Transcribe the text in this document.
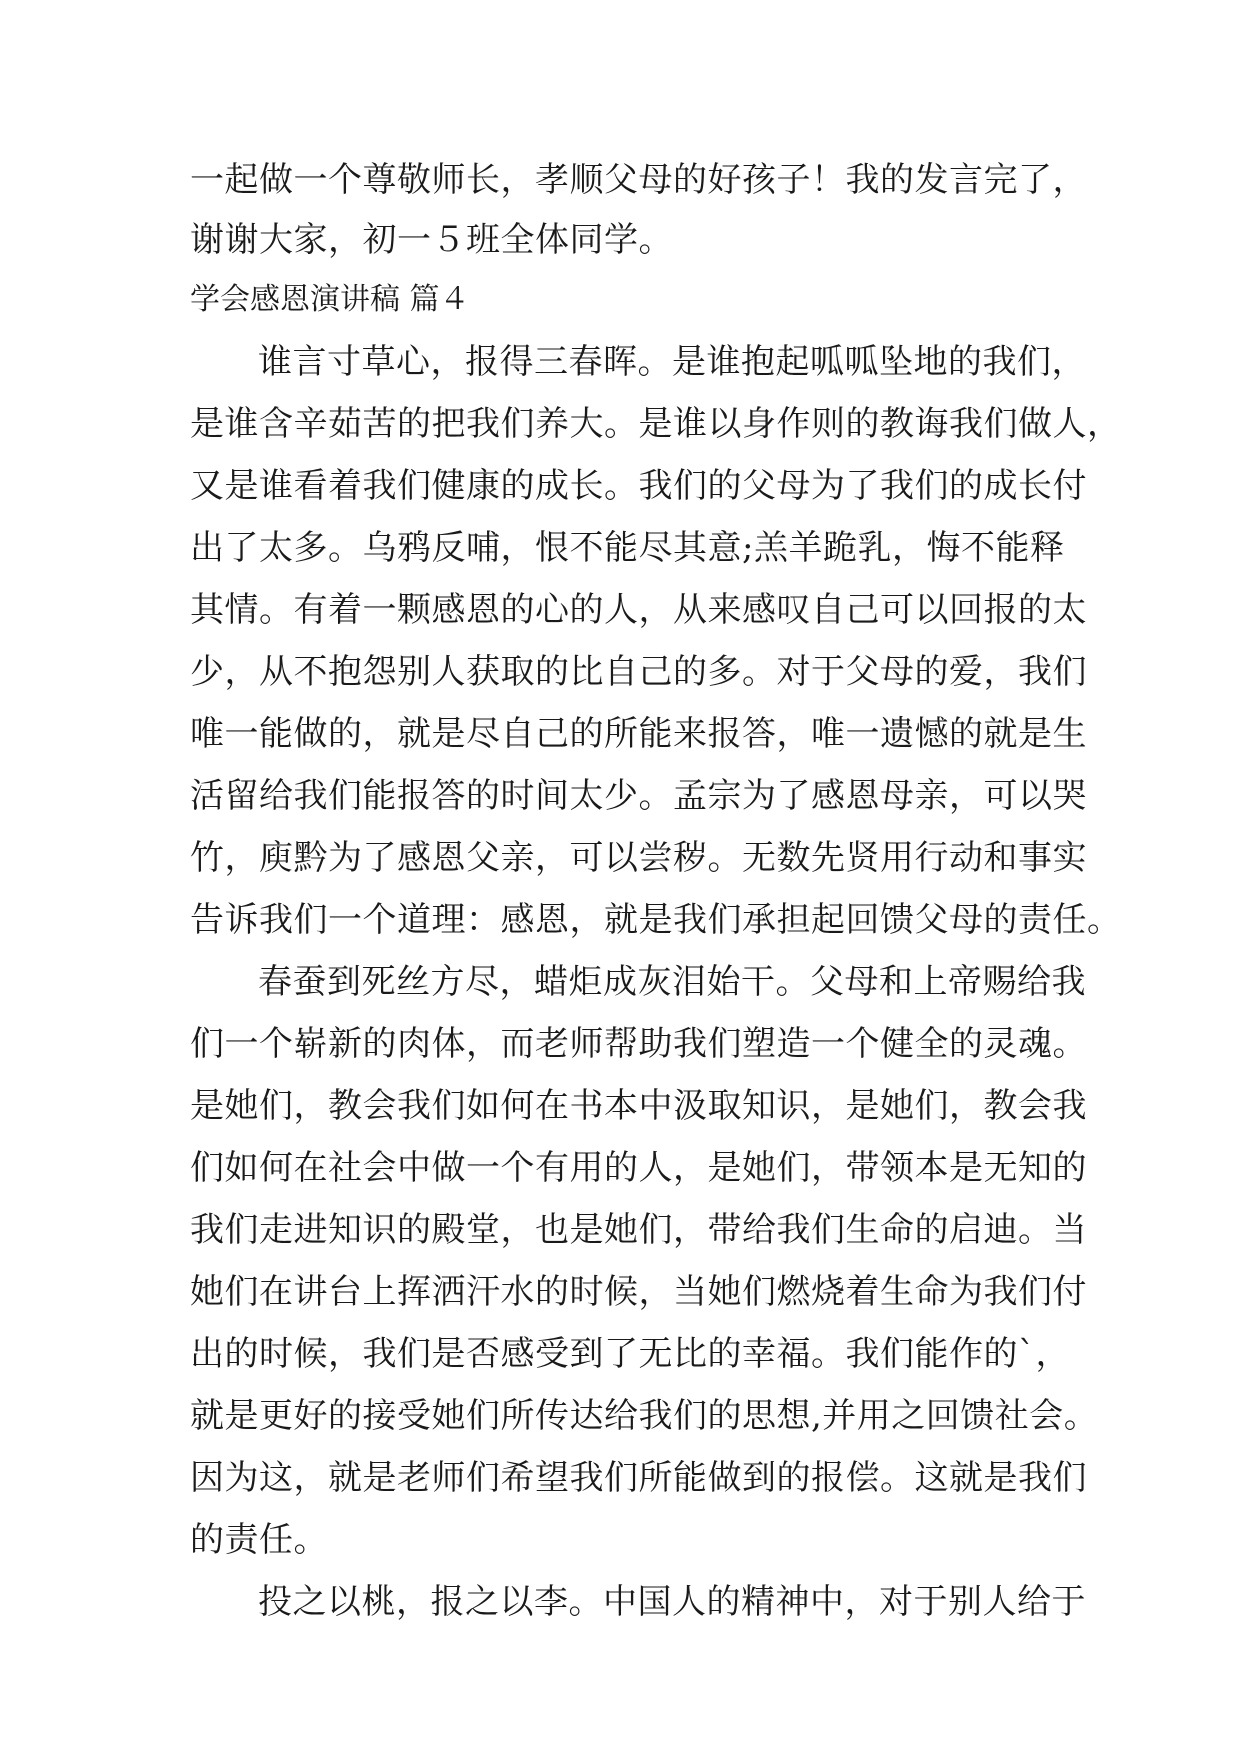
一起做一个尊敬师长，孝顺父母的好孩子！我的发言完了，
谢谢大家，初一５班全体同学。
学会感恩演讲稿 篇４
谁言寸草心，报得三春晖。是谁抱起呱呱坠地的我们，
是谁含辛茹苦的把我们养大。是谁以身作则的教诲我们做人，
又是谁看着我们健康的成长。我们的父母为了我们的成长付
出了太多。乌鸦反哺，恨不能尽其意;羔羊跪乳，悔不能释
其情。有着一颗感恩的心的人，从来感叹自己可以回报的太
少，从不抱怨别人获取的比自己的多。对于父母的爱，我们
唯一能做的，就是尽自己的所能来报答，唯一遗憾的就是生
活留给我们能报答的时间太少。孟宗为了感恩母亲，可以哭
竹，庾黔为了感恩父亲，可以尝秽。无数先贤用行动和事实
告诉我们一个道理：感恩，就是我们承担起回馈父母的责任。
春蚕到死丝方尽，蜡炬成灰泪始干。父母和上帝赐给我
们一个崭新的肉体，而老师帮助我们塑造一个健全的灵魂。
是她们，教会我们如何在书本中汲取知识，是她们，教会我
们如何在社会中做一个有用的人，是她们，带领本是无知的
我们走进知识的殿堂，也是她们，带给我们生命的启迪。当
她们在讲台上挥洒汗水的时候，当她们燃烧着生命为我们付
出的时候，我们是否感受到了无比的幸福。我们能作的`，
就是更好的接受她们所传达给我们的思想,并用之回馈社会。
因为这，就是老师们希望我们所能做到的报偿。这就是我们
的责任。
投之以桃，报之以李。中国人的精神中，对于别人给于
